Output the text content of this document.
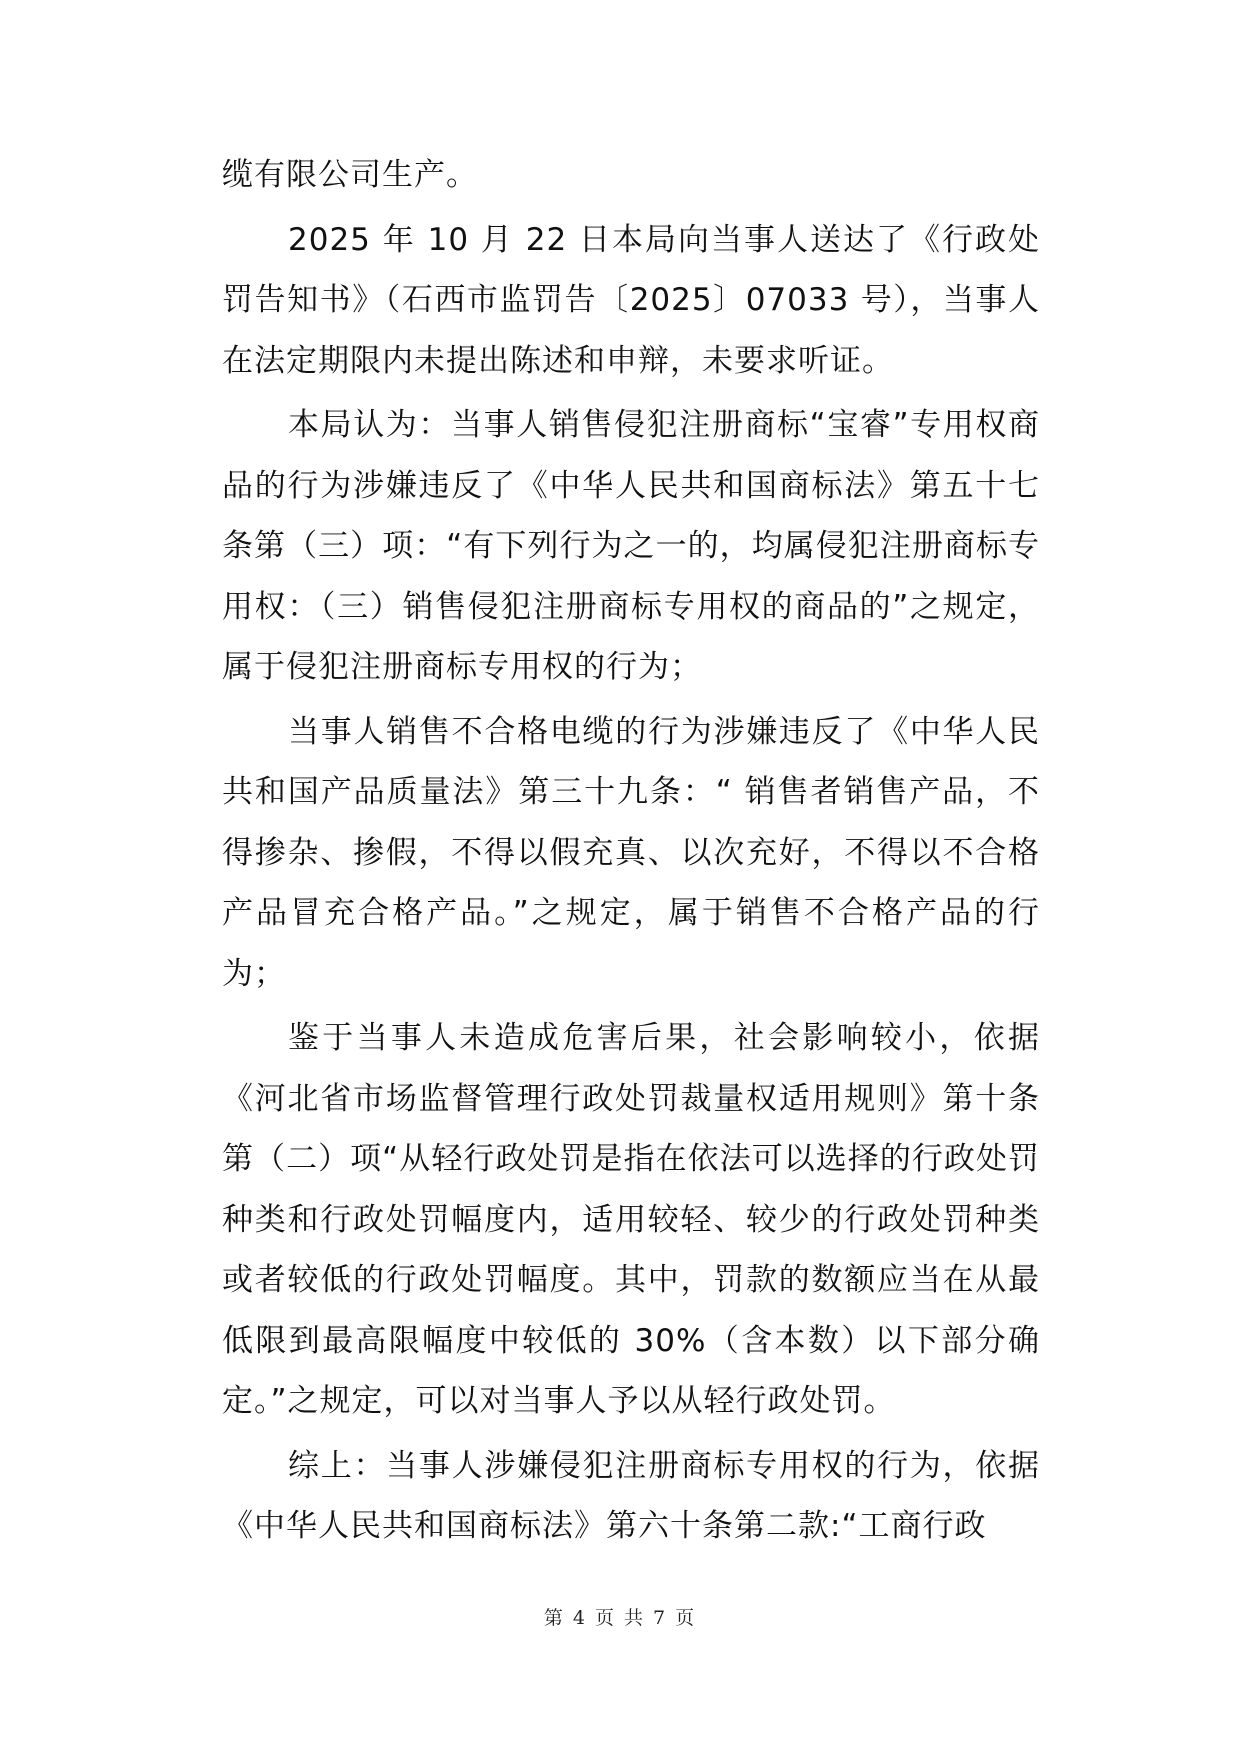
缆有限公司生产。

2025 年 10 月 22 日本局向当事人送达了《行政处罚告知书》（石西市监罚告〔2025〕07033 号），当事人在法定期限内未提出陈述和申辩，未要求听证。

本局认为：当事人销售侵犯注册商标“宝睿”专用权商品的行为涉嫌违反了《中华人民共和国商标法》第五十七条第（三）项：“有下列行为之一的，均属侵犯注册商标专用权：（三）销售侵犯注册商标专用权的商品的”之规定，属于侵犯注册商标专用权的行为；

当事人销售不合格电缆的行为涉嫌违反了《中华人民共和国产品质量法》第三十九条：“ 销售者销售产品，不得掺杂、掺假，不得以假充真、以次充好，不得以不合格产品冒充合格产品。”之规定，属于销售不合格产品的行为；

鉴于当事人未造成危害后果，社会影响较小，依据《河北省市场监督管理行政处罚裁量权适用规则》第十条第（二）项“从轻行政处罚是指在依法可以选择的行政处罚种类和行政处罚幅度内，适用较轻、较少的行政处罚种类或者较低的行政处罚幅度。其中，罚款的数额应当在从最低限到最高限幅度中较低的 30%（含本数）以下部分确定。”之规定，可以对当事人予以从轻行政处罚。

综上：当事人涉嫌侵犯注册商标专用权的行为，依据《中华人民共和国商标法》第六十条第二款:“工商行政

第 4 页 共 7 页
